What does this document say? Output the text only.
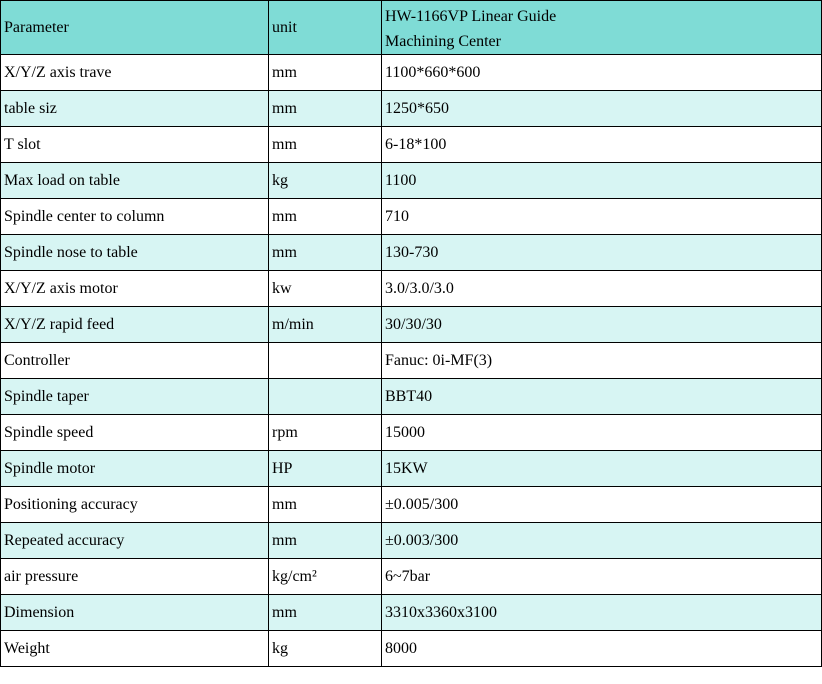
Parameter	unit	HW-1166VP Linear Guide
Machining Center

X/Y/Z axis trave	mm	1100*660*600
table siz	mm	1250*650
T slot	mm	6-18*100
Max load on table	kg	1100
Spindle center to column	mm	710
Spindle nose to table	mm	130-730
X/Y/Z axis motor	kw	3.0/3.0/3.0
X/Y/Z rapid feed	m/min	30/30/30
Controller		Fanuc: 0i-MF(3)
Spindle taper		BBT40
Spindle speed	rpm	15000
Spindle motor	HP	15KW
Positioning accuracy	mm	±0.005/300
Repeated accuracy	mm	±0.003/300
air pressure	kg/cm²	6~7bar
Dimension	mm	3310x3360x3100
Weight	kg	8000
